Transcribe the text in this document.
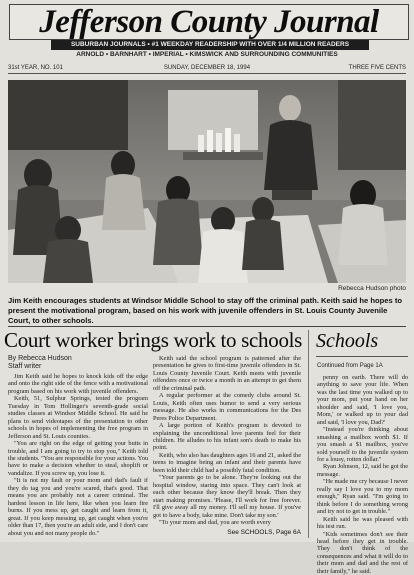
Jefferson County Journal
SUBURBAN JOURNALS • #1 WEEKDAY READERSHIP WITH OVER 1/4 MILLION READERS
ARNOLD • BARNHART • IMPERIAL • KIMSWICK AND SURROUNDING COMMUNITIES
31st YEAR, NO. 101	SUNDAY, DECEMBER 18, 1994	THREE FIVE CENTS
Rebecca Hudson photo
Jim Keith encourages students at Windsor Middle School to stay off the criminal path. Keith said he hopes to present the motivational program, based on his work with juvenile offenders in St. Louis County Juvenile Court, to other schools.
Court worker brings work to schools
By Rebecca Hudson
Staff writer

Jim Keith said he hopes to knock kids off the edge and onto the right side of the fence with a motivational program based on his work with juvenile offenders.

Keith, 51, Sulphur Springs, tested the program Tuesday in Tom Hollinger's seventh-grade social studies classes at Windsor Middle School. He said he plans to send videotapes of the presentation to other schools in hopes of implementing the free program in Jefferson and St. Louis counties.

"You are right on the edge of getting your butts in trouble, and I am going to try to stop you," Keith told the students. "You are responsible for your actions. You have to make a decision whether to steal, shoplift or vandalize. If you screw up, you lose it.

"It is not my fault or your mom and dad's fault if they do tag you and you're scared, that's good. That means you are probably not a career criminal. The hardest lesson in life here, like when you learn fire burns. If you mess up, get caught and learn from it, great. If you keep messing up, get caught when you're older than 17, then you're an adult side, and I don't care about you and not many people do."

Keith said the school program is patterned after the presentation he gives to first-time juvenile offenders in St. Louis County Juvenile Court. Keith meets with juvenile offenders once or twice a month in an attempt to get them off the criminal path.

A regular performer at the comedy clubs around St. Louis, Keith often uses humor to send a very serious message. He also works in communications for the Des Peres Police Department.

A large portion of Keith's program is devoted to explaining the unconditional love parents feel for their children. He alludes to his infant son's death to make his point.

Keith, who also has daughters ages 16 and 21, asked the teens to imagine being an infant and their parents have been told their child had a possibly fatal condition.

"Your parents go to be alone. They're looking out the hospital window, staring into space. They can't look at each other because they know they'll break. Then they start making promises. 'Please, I'll work for free forever. I'll give away all my money. I'll sell my house. If you've got to have a body, take mine. Don't take my son.'

"To your mom and dad, you are worth every

See SCHOOLS, Page 6A
Schools
Continued from Page 1A

penny on earth. There will do anything to save your life. When was the last time you walked up to your mom, put your hand on her shoulder and said, 'I love you, Mom,' or walked up to your dad and said, 'I love you, Dad?'

"Instead you're thinking about smashing a mailbox worth $1. If you smash a $1 mailbox, you've sold yourself to the juvenile system for a lousy, rotten dollar."

Ryan Johnson, 12, said he got the message.

"He made me cry because I never really say I love you to my mom enough," Ryan said. "I'm going to think before I do something wrong and try not to get in trouble."

Keith said he was pleased with his test run.

"Kids sometimes don't see their head before they get in trouble. They don't think of the consequences and what it will do to their mom and dad and the rest of their family," he said.
